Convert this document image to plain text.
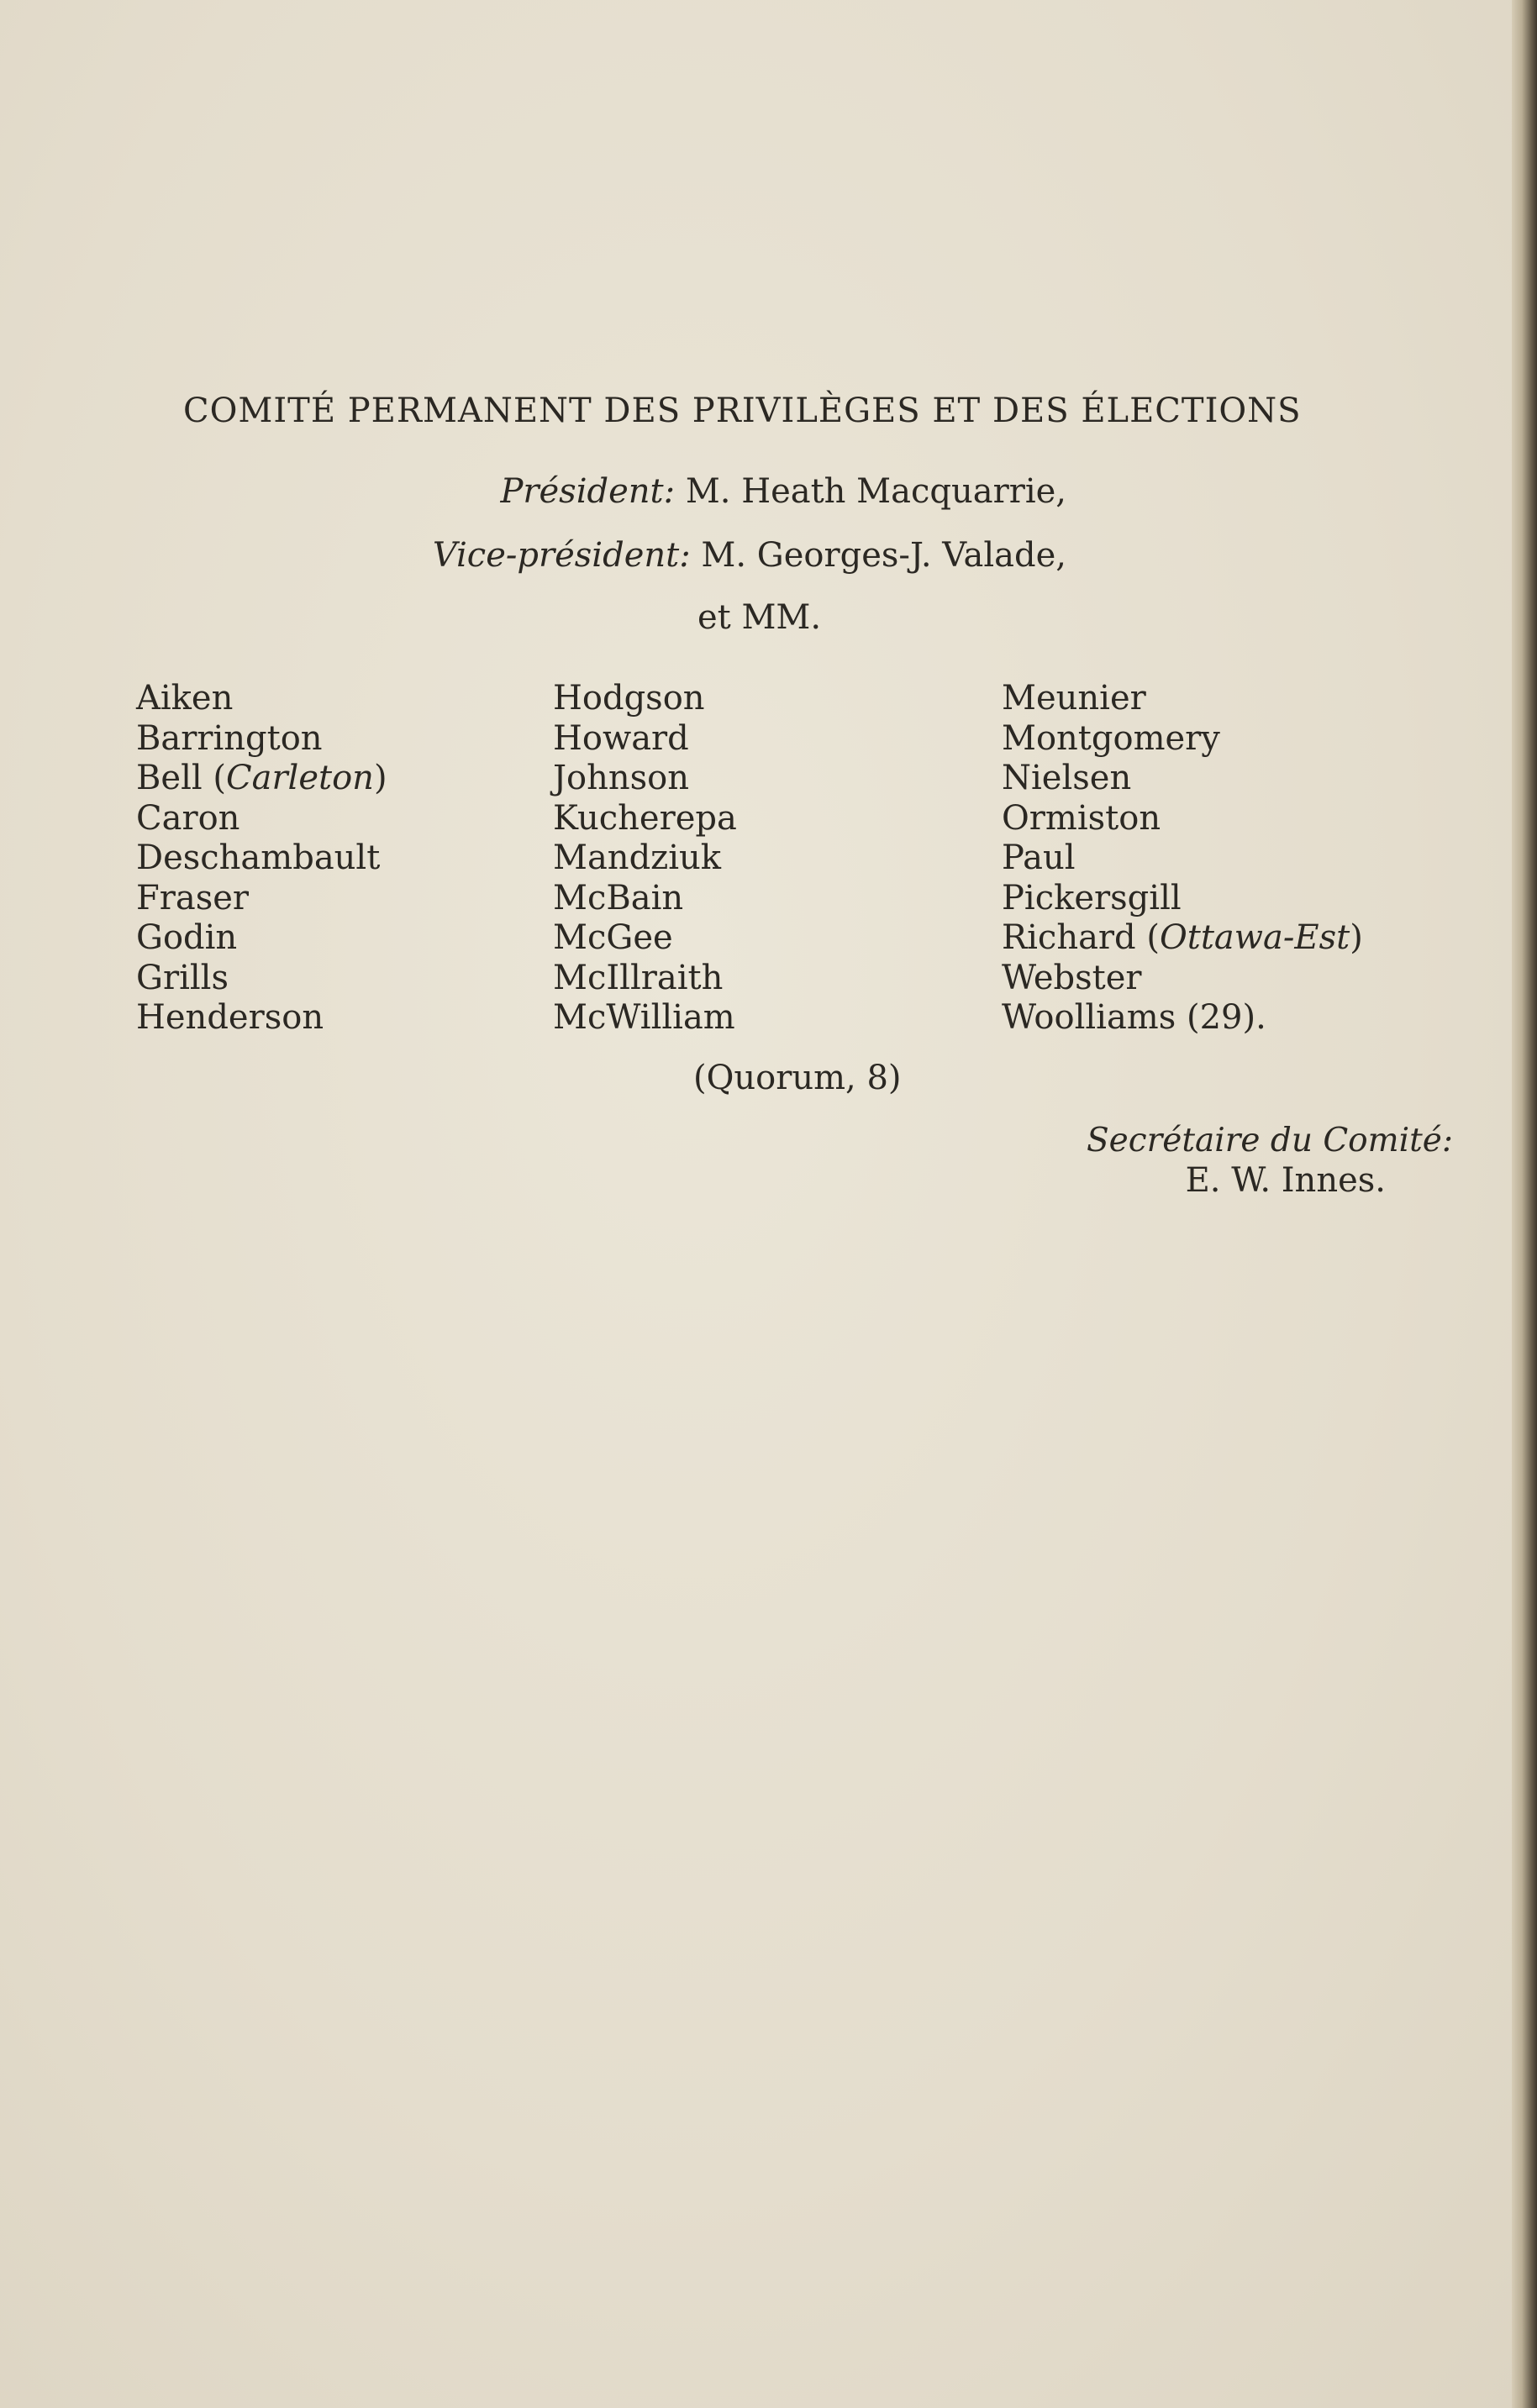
COMITÉ PERMANENT DES PRIVILÈGES ET DES ÉLECTIONS
Président: M. Heath Macquarrie,
Vice-président: M. Georges-J. Valade,
et MM.
Aiken
Barrington
Bell (Carleton)
Caron
Deschambault
Fraser
Godin
Grills
Henderson
Hodgson
Howard
Johnson
Kucherepa
Mandziuk
McBain
McGee
McIllraith
McWilliam
Meunier
Montgomery
Nielsen
Ormiston
Paul
Pickersgill
Richard (Ottawa-Est)
Webster
Woolliams (29).
(Quorum, 8)
Secrétaire du Comité:
E. W. Innes.
